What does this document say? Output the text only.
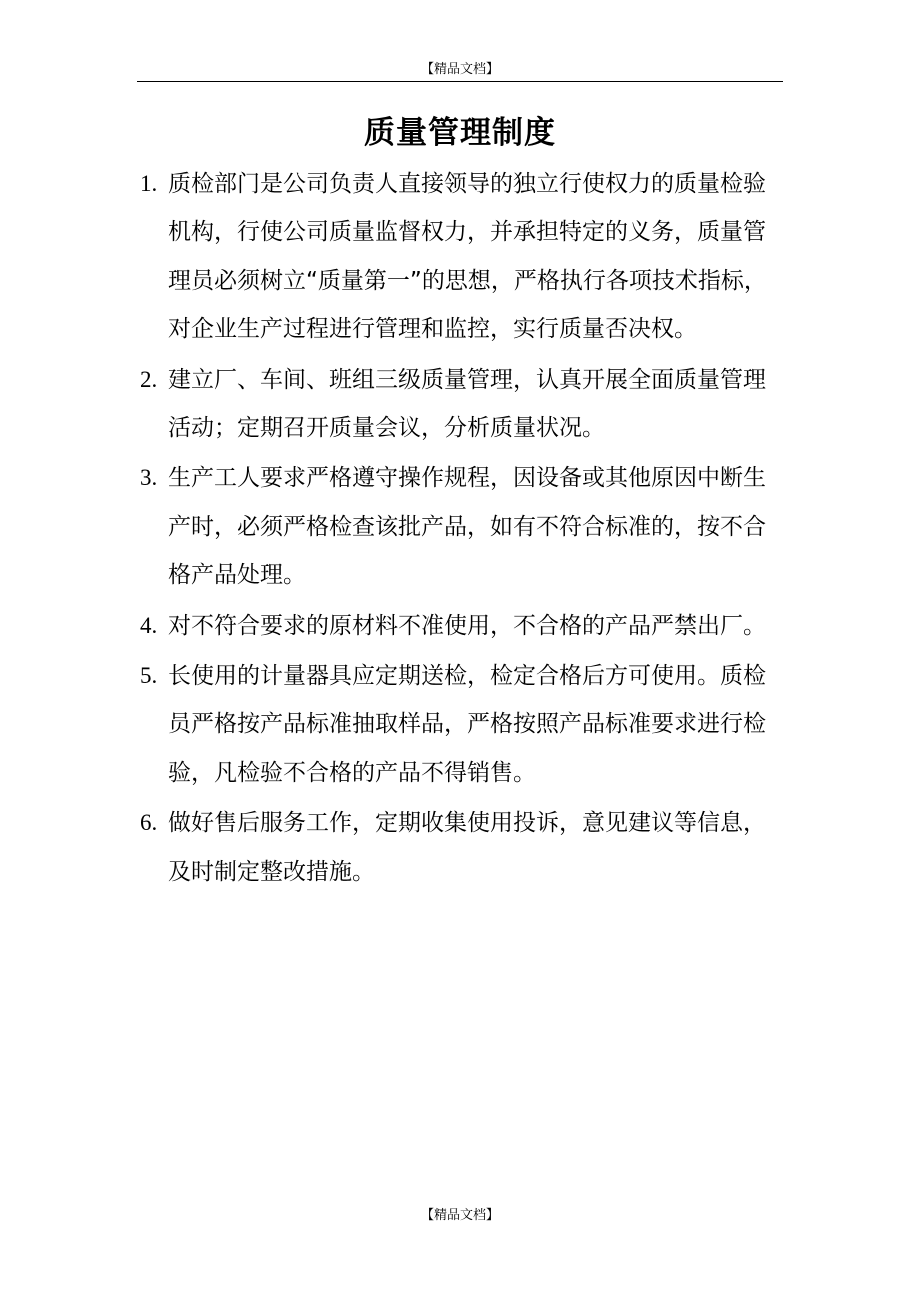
【精品文档】
质量管理制度
1. 质检部门是公司负责人直接领导的独立行使权力的质量检验机构，行使公司质量监督权力，并承担特定的义务，质量管理员必须树立“质量第一”的思想，严格执行各项技术指标，对企业生产过程进行管理和监控，实行质量否决权。
2. 建立厂、车间、班组三级质量管理，认真开展全面质量管理活动；定期召开质量会议，分析质量状况。
3. 生产工人要求严格遵守操作规程，因设备或其他原因中断生产时，必须严格检查该批产品，如有不符合标准的，按不合格产品处理。
4. 对不符合要求的原材料不准使用，不合格的产品严禁出厂。
5. 长使用的计量器具应定期送检，检定合格后方可使用。质检员严格按产品标准抽取样品，严格按照产品标准要求进行检验，凡检验不合格的产品不得销售。
6. 做好售后服务工作，定期收集使用投诉，意见建议等信息，及时制定整改措施。
【精品文档】
